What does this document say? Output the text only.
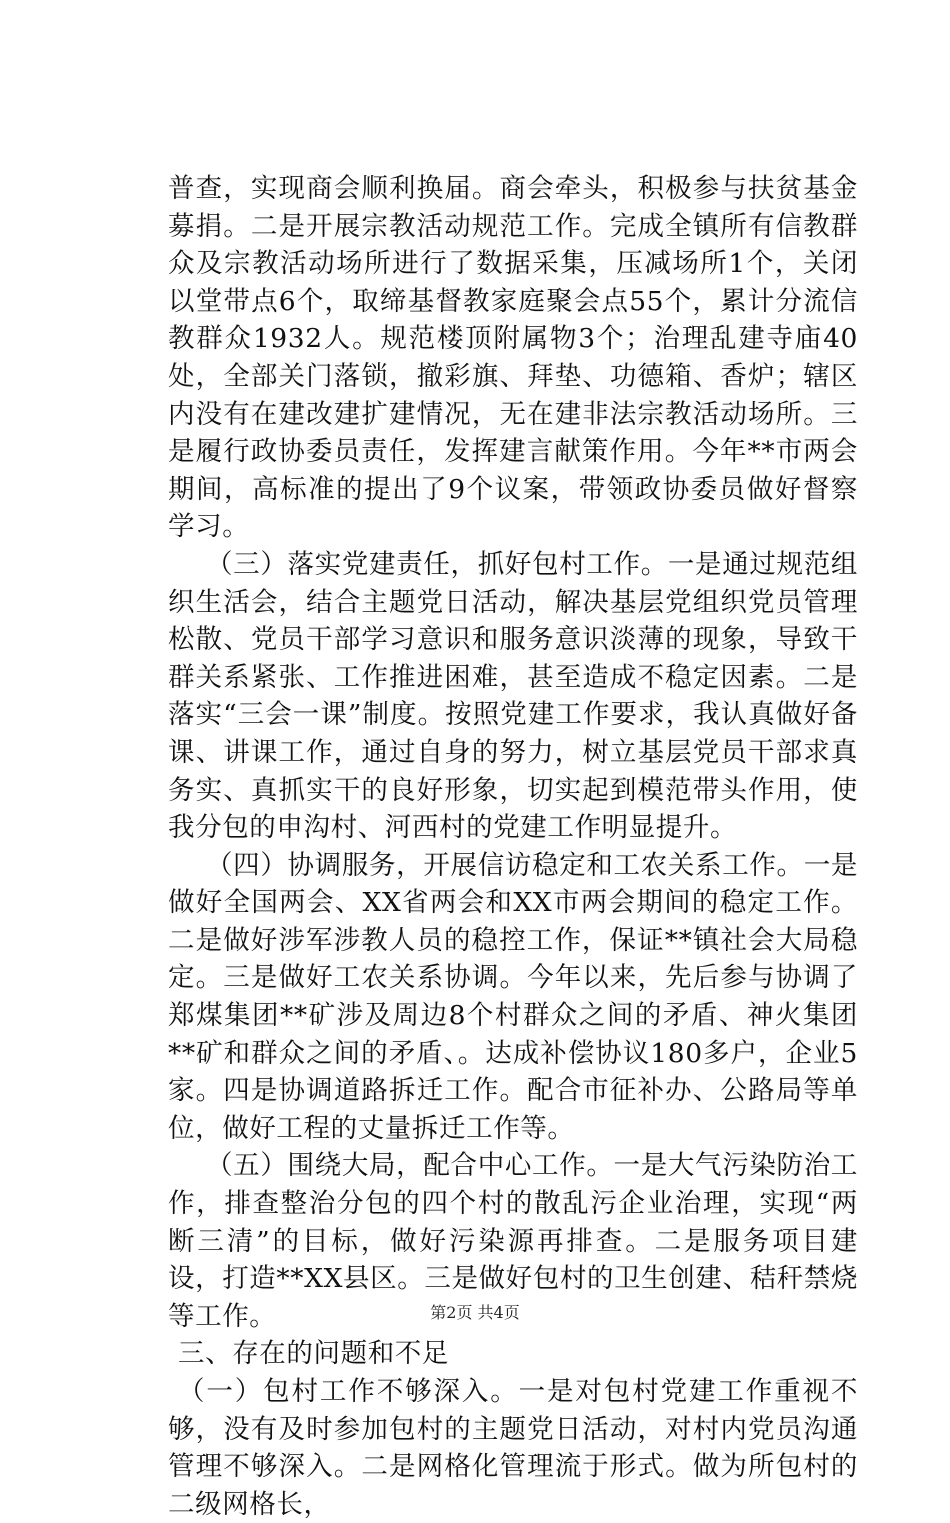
普查，实现商会顺利换届。商会牵头，积极参与扶贫基金募捐。二是开展宗教活动规范工作。完成全镇所有信教群众及宗教活动场所进行了数据采集，压减场所1个，关闭以堂带点6个，取缔基督教家庭聚会点55个，累计分流信教群众1932人。规范楼顶附属物3个；治理乱建寺庙40处，全部关门落锁，撤彩旗、拜垫、功德箱、香炉；辖区内没有在建改建扩建情况，无在建非法宗教活动场所。三是履行政协委员责任，发挥建言献策作用。今年**市两会期间，高标准的提出了9个议案，带领政协委员做好督察学习。

（三）落实党建责任，抓好包村工作。一是通过规范组织生活会，结合主题党日活动，解决基层党组织党员管理松散、党员干部学习意识和服务意识淡薄的现象，导致干群关系紧张、工作推进困难，甚至造成不稳定因素。二是落实“三会一课”制度。按照党建工作要求，我认真做好备课、讲课工作，通过自身的努力，树立基层党员干部求真务实、真抓实干的良好形象，切实起到模范带头作用，使我分包的申沟村、河西村的党建工作明显提升。

（四）协调服务，开展信访稳定和工农关系工作。一是做好全国两会、XX省两会和XX市两会期间的稳定工作。二是做好涉军涉教人员的稳控工作，保证**镇社会大局稳定。三是做好工农关系协调。今年以来，先后参与协调了郑煤集团**矿涉及周边8个村群众之间的矛盾、神火集团**矿和群众之间的矛盾、。达成补偿协议180多户，企业5家。四是协调道路拆迁工作。配合市征补办、公路局等单位，做好工程的丈量拆迁工作等。

（五）围绕大局，配合中心工作。一是大气污染防治工作，排查整治分包的四个村的散乱污企业治理，实现“两断三清”的目标，做好污染源再排查。二是服务项目建设，打造**XX县区。三是做好包村的卫生创建、秸秆禁烧等工作。

三、存在的问题和不足

（一）包村工作不够深入。一是对包村党建工作重视不够，没有及时参加包村的主题党日活动，对村内党员沟通管理不够深入。二是网格化管理流于形式。做为所包村的二级网格长，

第2页 共4页
